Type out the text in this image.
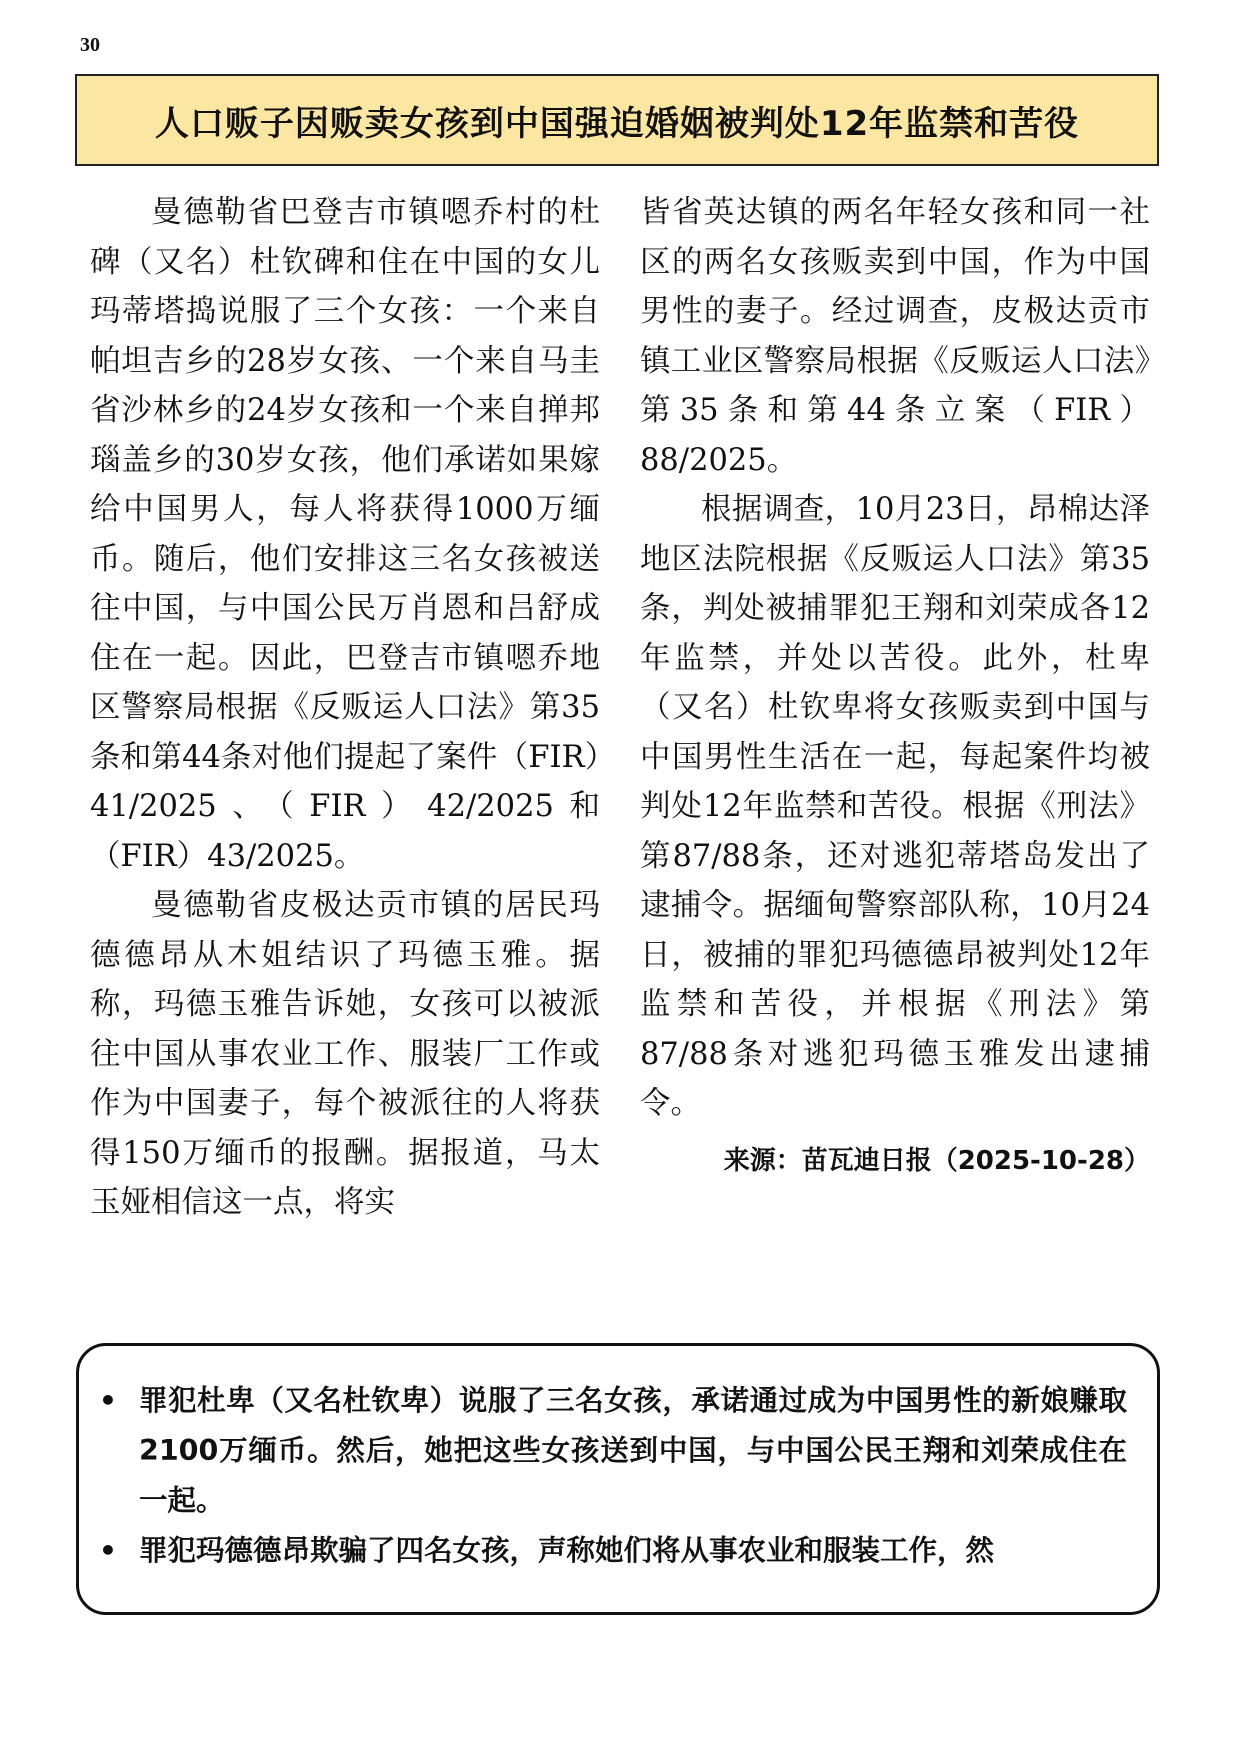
30
人口贩子因贩卖女孩到中国强迫婚姻被判处12年监禁和苦役

曼德勒省巴登吉市镇嗯乔村的杜碑（又名）杜钦碑和住在中国的女儿玛蒂塔捣说服了三个女孩：一个来自帕坦吉乡的28岁女孩、一个来自马圭省沙林乡的24岁女孩和一个来自掸邦瑙盖乡的30岁女孩，他们承诺如果嫁给中国男人，每人将获得1000万缅币。随后，他们安排这三名女孩被送往中国，与中国公民万肖恩和吕舒成住在一起。因此，巴登吉市镇嗯乔地区警察局根据《反贩运人口法》第35条和第44条对他们提起了案件（FIR）41/2025、（FIR）42/2025和（FIR）43/2025。

曼德勒省皮极达贡市镇的居民玛德德昂从木姐结识了玛德玉雅。据称，玛德玉雅告诉她，女孩可以被派往中国从事农业工作、服装厂工作或作为中国妻子，每个被派往的人将获得150万缅币的报酬。据报道，马太玉娅相信这一点，将实

皆省英达镇的两名年轻女孩和同一社区的两名女孩贩卖到中国，作为中国男性的妻子。经过调查，皮极达贡市镇工业区警察局根据《反贩运人口法》第35条和第44条立案（FIR）88/2025。

根据调查，10月23日，昂棉达泽地区法院根据《反贩运人口法》第35条，判处被捕罪犯王翔和刘荣成各12年监禁，并处以苦役。此外，杜卑（又名）杜钦卑将女孩贩卖到中国与中国男性生活在一起，每起案件均被判处12年监禁和苦役。根据《刑法》第87/88条，还对逃犯蒂塔岛发出了逮捕令。据缅甸警察部队称，10月24日，被捕的罪犯玛德德昂被判处12年监禁和苦役，并根据《刑法》第87/88条对逃犯玛德玉雅发出逮捕令。

来源：苗瓦迪日报（2025-10-28）
• 罪犯杜卑（又名杜钦卑）说服了三名女孩，承诺通过成为中国男性的新娘赚取2100万缅币。然后，她把这些女孩送到中国，与中国公民王翔和刘荣成住在一起。
• 罪犯玛德德昂欺骗了四名女孩，声称她们将从事农业和服装工作，然
